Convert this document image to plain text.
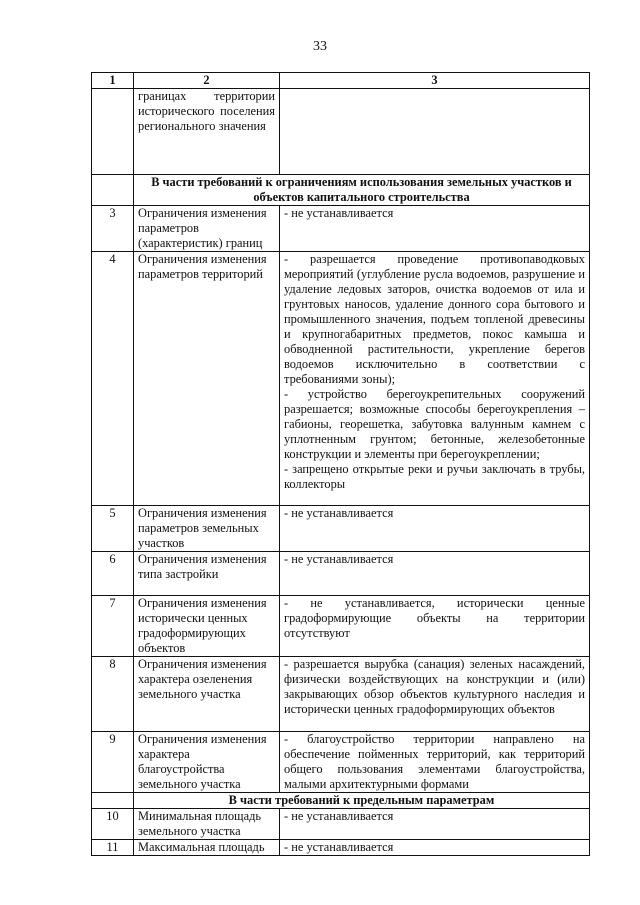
33
1	2	3
	границах территории исторического поселения регионального значения	
	В части требований к ограничениям использования земельных участков и объектов капитального строительства	
3	Ограничения изменения параметров (характеристик) границ	- не устанавливается

4	Ограничения изменения параметров территорий	- разрешается проведение противопаводковых мероприятий (углубление русла водоемов, разрушение и удаление ледовых заторов, очистка водоемов от ила и грунтовых наносов, удаление донного сора бытового и промышленного значения, подъем топленой древесины и крупногабаритных предметов, покос камыша и обводненной растительности, укрепление берегов водоемов исключительно в соответствии с требованиями зоны);
- устройство берегоукрепительных сооружений разрешается; возможные способы берегоукрепления – габионы, георешетка, забутовка валунным камнем с уплотненным грунтом; бетонные, железобетонные конструкции и элементы при берегоукреплении;
- запрещено открытые реки и ручьи заключать в трубы, коллекторы

5	Ограничения изменения параметров земельных участков	- не устанавливается

6	Ограничения изменения типа застройки	- не устанавливается

7	Ограничения изменения исторически ценных градоформирующих объектов	- не устанавливается, исторически ценные градоформирующие объекты на территории отсутствуют

8	Ограничения изменения характера озеленения земельного участка	- разрешается вырубка (санация) зеленых насаждений, физически воздействующих на конструкции и (или) закрывающих обзор объектов культурного наследия и исторически ценных градоформирующих объектов

9	Ограничения изменения характера благоустройства земельного участка	- благоустройство территории направлено на обеспечение пойменных территорий, как территорий общего пользования элементами благоустройства, малыми архитектурными формами

	В части требований к предельным параметрам	
10	Минимальная площадь земельного участка	- не устанавливается

11	Максимальная площадь	- не устанавливается
